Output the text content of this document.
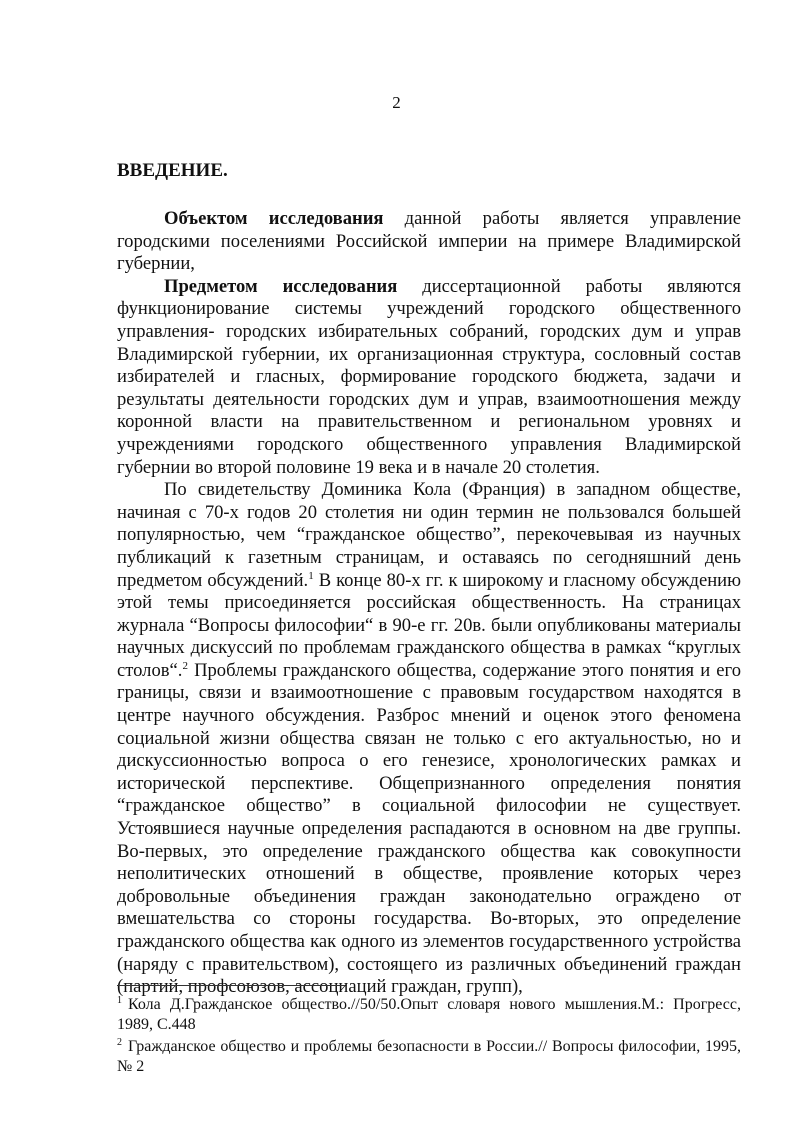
2
ВВЕДЕНИЕ.

Объектом исследования данной работы является управление городскими поселениями Российской империи на примере Владимирской губернии,

Предметом исследования диссертационной работы являются функционирование системы учреждений городского общественного управления- городских избирательных собраний, городских дум и управ Владимирской губернии, их организационная структура, сословный состав избирателей и гласных, формирование городского бюджета, задачи и результаты деятельности городских дум и управ, взаимоотношения между коронной власти на правительственном и региональном уровнях и учреждениями городского общественного управления Владимирской губернии во второй половине 19 века и в начале 20 столетия.

По свидетельству Доминика Кола (Франция) в западном обществе, начиная с 70-х годов 20 столетия ни один термин не пользовался большей популярностью, чем “гражданское общество”, перекочевывая из научных публикаций к газетным страницам, и оставаясь по сегодняшний день предметом обсуждений.$^1$ В конце 80-х гг. к широкому и гласному обсуждению этой темы присоединяется российская общественность. На страницах журнала “Вопросы философии“ в 90-е гг. 20в. были опубликованы материалы научных дискуссий по проблемам гражданского общества в рамках “круглых столов“.$^2$ Проблемы гражданского общества, содержание этого понятия и его границы, связи и взаимоотношение с правовым государством находятся в центре научного обсуждения. Разброс мнений и оценок этого феномена социальной жизни общества связан не только с его актуальностью, но и дискуссионностью вопроса о его генезисе, хронологических рамках и исторической перспективе. Общепризнанного определения понятия “гражданское общество” в социальной философии не существует. Устоявшиеся научные определения распадаются в основном на две группы. Во-первых, это определение гражданского общества как совокупности неполитических отношений в обществе, проявление которых через добровольные объединения граждан законодательно ограждено от вмешательства со стороны государства. Во-вторых, это определение гражданского общества как одного из элементов государственного устройства (наряду с правительством), состоящего из различных объединений граждан (партий, профсоюзов, ассоциаций граждан, групп),

$^1$ Кола Д.Гражданское общество.//50/50.Опыт словаря нового мышления.М.: Прогресс, 1989, С.448

$^2$ Гражданское общество и проблемы безопасности в России.// Вопросы философии, 1995, № 2
